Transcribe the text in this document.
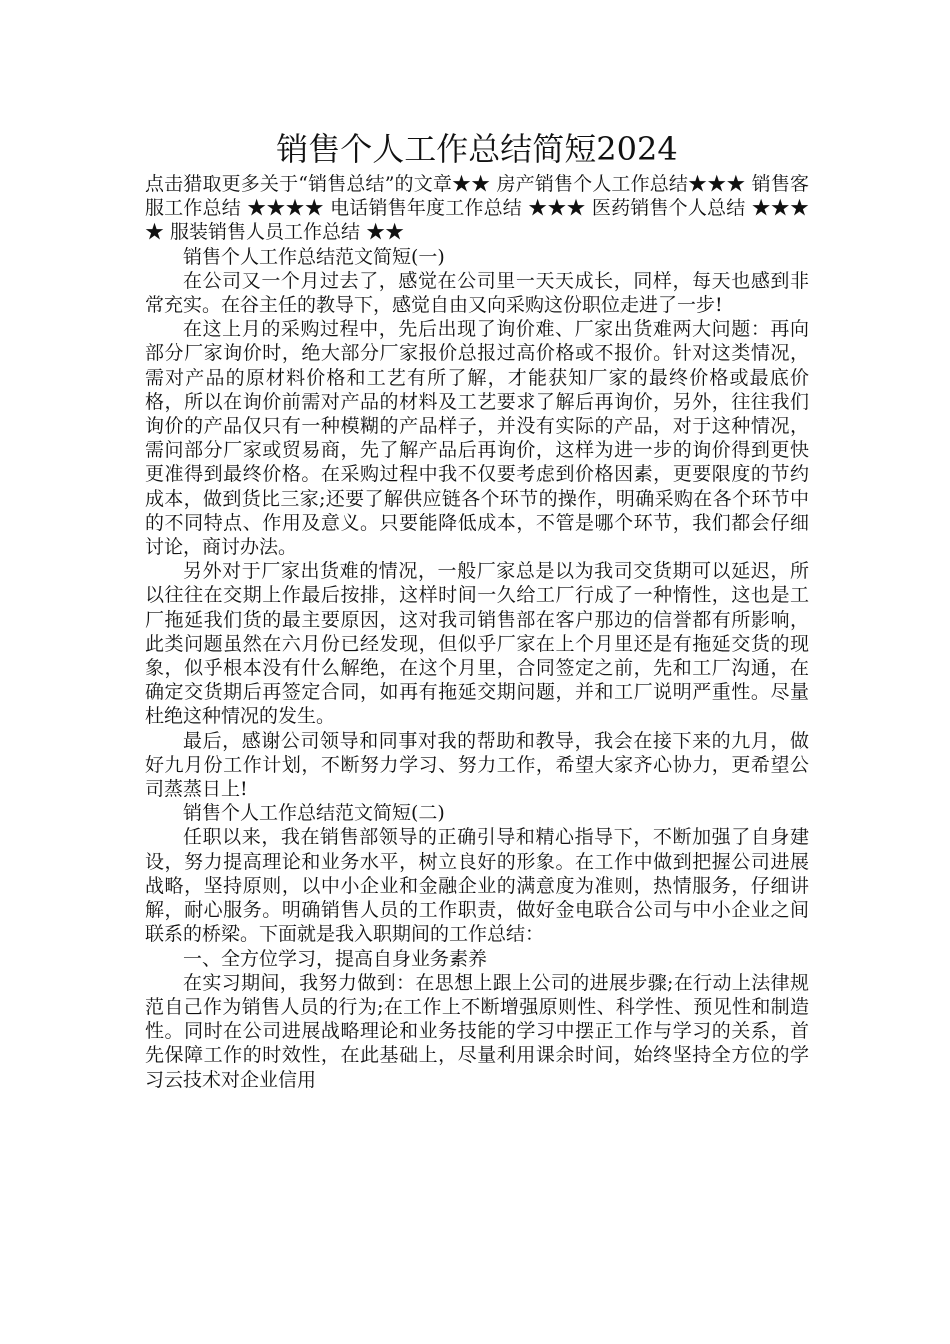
销售个人工作总结简短2024

点击猎取更多关于“销售总结”的文章★★ 房产销售个人工作总结★★★ 销售客服工作总结 ★★★★ 电话销售年度工作总结 ★★★ 医药销售个人总结 ★★★★ 服装销售人员工作总结 ★★

销售个人工作总结范文简短(一)

在公司又一个月过去了，感觉在公司里一天天成长，同样，每天也感到非常充实。在谷主任的教导下，感觉自由又向采购这份职位走进了一步!

在这上月的采购过程中，先后出现了询价难、厂家出货难两大问题：再向部分厂家询价时，绝大部分厂家报价总报过高价格或不报价。针对这类情况，需对产品的原材料价格和工艺有所了解，才能获知厂家的最终价格或最底价格，所以在询价前需对产品的材料及工艺要求了解后再询价，另外，往往我们询价的产品仅只有一种模糊的产品样子，并没有实际的产品，对于这种情况，需问部分厂家或贸易商，先了解产品后再询价，这样为进一步的询价得到更快更准得到最终价格。在采购过程中我不仅要考虑到价格因素，更要限度的节约成本，做到货比三家;还要了解供应链各个环节的操作，明确采购在各个环节中的不同特点、作用及意义。只要能降低成本，不管是哪个环节，我们都会仔细讨论，商讨办法。

另外对于厂家出货难的情况，一般厂家总是以为我司交货期可以延迟，所以往往在交期上作最后按排，这样时间一久给工厂行成了一种惰性，这也是工厂拖延我们货的最主要原因，这对我司销售部在客户那边的信誉都有所影响，此类问题虽然在六月份已经发现，但似乎厂家在上个月里还是有拖延交货的现象，似乎根本没有什么解绝，在这个月里，合同签定之前，先和工厂沟通，在确定交货期后再签定合同，如再有拖延交期问题，并和工厂说明严重性。尽量杜绝这种情况的发生。

最后，感谢公司领导和同事对我的帮助和教导，我会在接下来的九月，做好九月份工作计划，不断努力学习、努力工作，希望大家齐心协力，更希望公司蒸蒸日上!

销售个人工作总结范文简短(二)

任职以来，我在销售部领导的正确引导和精心指导下，不断加强了自身建设，努力提高理论和业务水平，树立良好的形象。在工作中做到把握公司进展战略，坚持原则，以中小企业和金融企业的满意度为准则，热情服务，仔细讲解，耐心服务。明确销售人员的工作职责，做好金电联合公司与中小企业之间联系的桥梁。下面就是我入职期间的工作总结：

一、全方位学习，提高自身业务素养

在实习期间，我努力做到：在思想上跟上公司的进展步骤;在行动上法律规范自己作为销售人员的行为;在工作上不断增强原则性、科学性、预见性和制造性。同时在公司进展战略理论和业务技能的学习中摆正工作与学习的关系，首先保障工作的时效性，在此基础上，尽量利用课余时间，始终坚持全方位的学习云技术对企业信用
